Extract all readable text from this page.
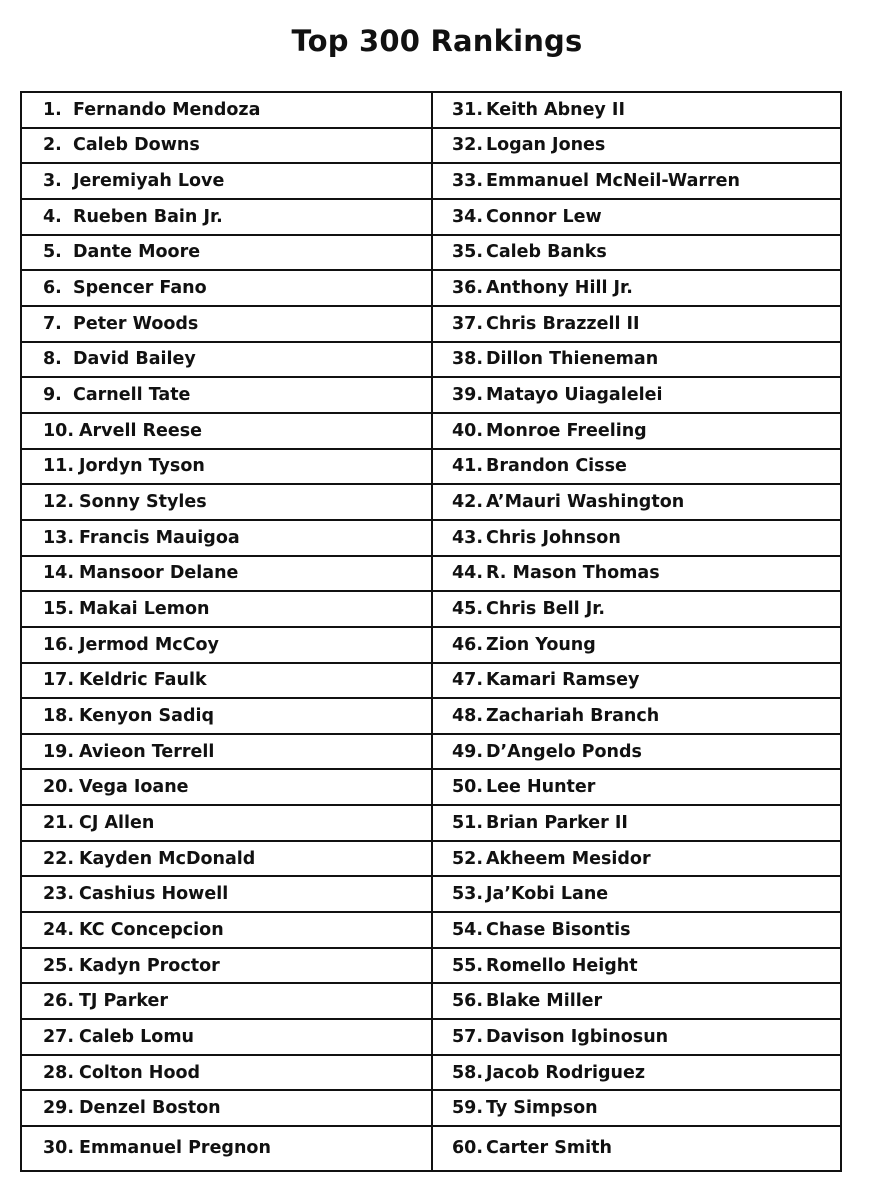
Top 300 Rankings
1. Fernando Mendoza
2. Caleb Downs
3. Jeremiyah Love
4. Rueben Bain Jr.
5. Dante Moore
6. Spencer Fano
7. Peter Woods
8. David Bailey
9. Carnell Tate
10. Arvell Reese
11. Jordyn Tyson
12. Sonny Styles
13. Francis Mauigoa
14. Mansoor Delane
15. Makai Lemon
16. Jermod McCoy
17. Keldric Faulk
18. Kenyon Sadiq
19. Avieon Terrell
20. Vega Ioane
21. CJ Allen
22. Kayden McDonald
23. Cashius Howell
24. KC Concepcion
25. Kadyn Proctor
26. TJ Parker
27. Caleb Lomu
28. Colton Hood
29. Denzel Boston
30. Emmanuel Pregnon
31. Keith Abney II
32. Logan Jones
33. Emmanuel McNeil-Warren
34. Connor Lew
35. Caleb Banks
36. Anthony Hill Jr.
37. Chris Brazzell II
38. Dillon Thieneman
39. Matayo Uiagalelei
40. Monroe Freeling
41. Brandon Cisse
42. A’Mauri Washington
43. Chris Johnson
44. R. Mason Thomas
45. Chris Bell Jr.
46. Zion Young
47. Kamari Ramsey
48. Zachariah Branch
49. D’Angelo Ponds
50. Lee Hunter
51. Brian Parker II
52. Akheem Mesidor
53. Ja’Kobi Lane
54. Chase Bisontis
55. Romello Height
56. Blake Miller
57. Davison Igbinosun
58. Jacob Rodriguez
59. Ty Simpson
60. Carter Smith
